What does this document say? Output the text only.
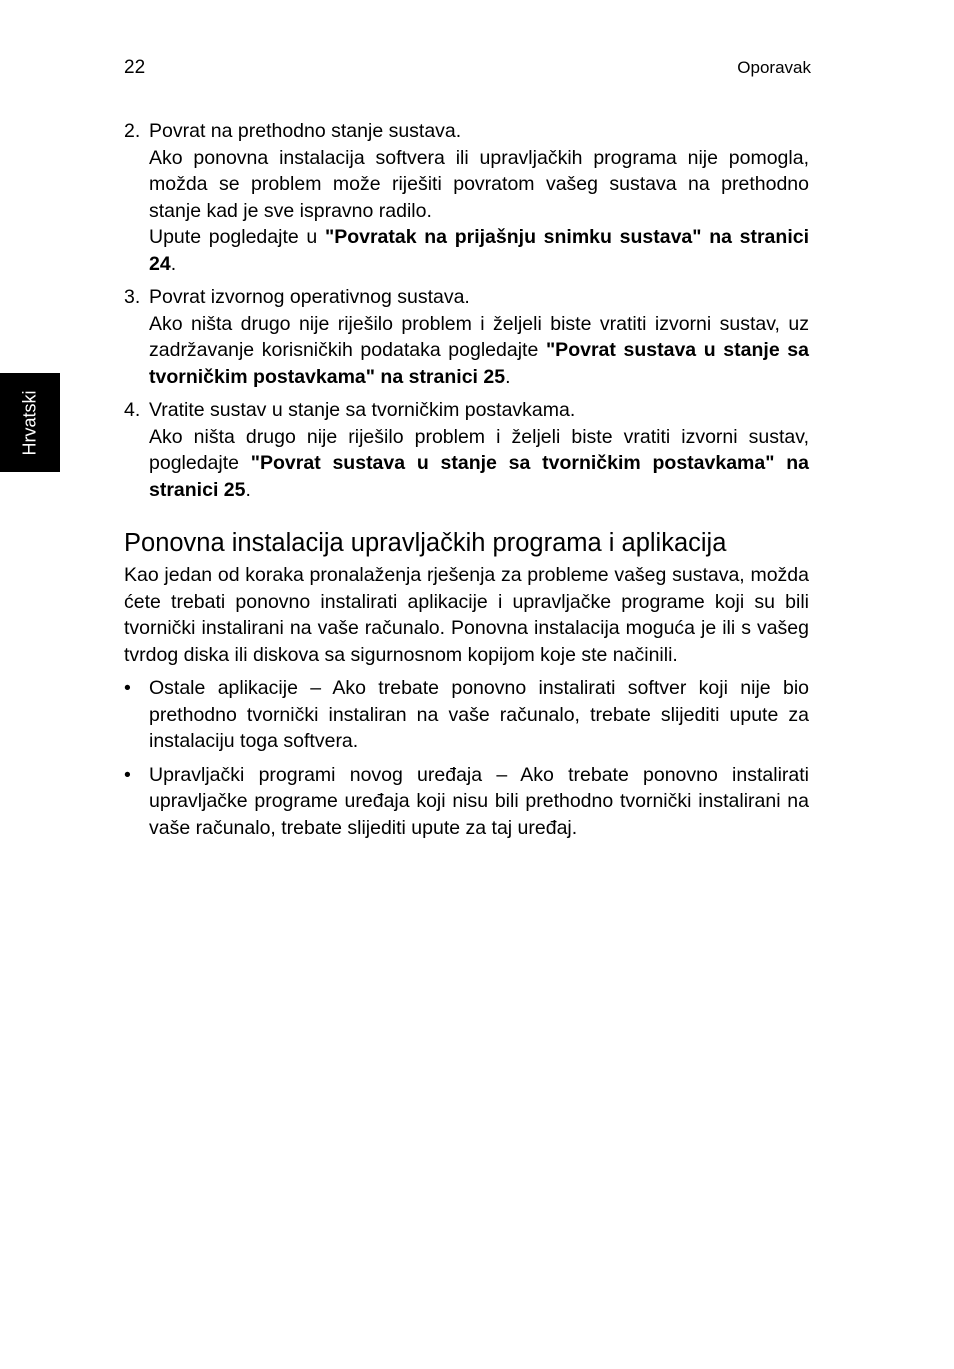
22	Oporavak
Hrvatski
2. Povrat na prethodno stanje sustava.

Ako ponovna instalacija softvera ili upravljačkih programa nije pomogla, možda se problem može riješiti povratom vašeg sustava na prethodno stanje kad je sve ispravno radilo.

Upute pogledajte u "Povratak na prijašnju snimku sustava" na stranici 24.

3. Povrat izvornog operativnog sustava.

Ako ništa drugo nije riješilo problem i željeli biste vratiti izvorni sustav, uz zadržavanje korisničkih podataka pogledajte "Povrat sustava u stanje sa tvorničkim postavkama" na stranici 25.

4. Vratite sustav u stanje sa tvorničkim postavkama.

Ako ništa drugo nije riješilo problem i željeli biste vratiti izvorni sustav, pogledajte "Povrat sustava u stanje sa tvorničkim postavkama" na stranici 25.

Ponovna instalacija upravljačkih programa i aplikacija

Kao jedan od koraka pronalaženja rješenja za probleme vašeg sustava, možda ćete trebati ponovno instalirati aplikacije i upravljačke programe koji su bili tvornički instalirani na vaše računalo. Ponovna instalacija moguća je ili s vašeg tvrdog diska ili diskova sa sigurnosnom kopijom koje ste načinili.

• Ostale aplikacije – Ako trebate ponovno instalirati softver koji nije bio prethodno tvornički instaliran na vaše računalo, trebate slijediti upute za instalaciju toga softvera.

• Upravljački programi novog uređaja – Ako trebate ponovno instalirati upravljačke programe uređaja koji nisu bili prethodno tvornički instalirani na vaše računalo, trebate slijediti upute za taj uređaj.
